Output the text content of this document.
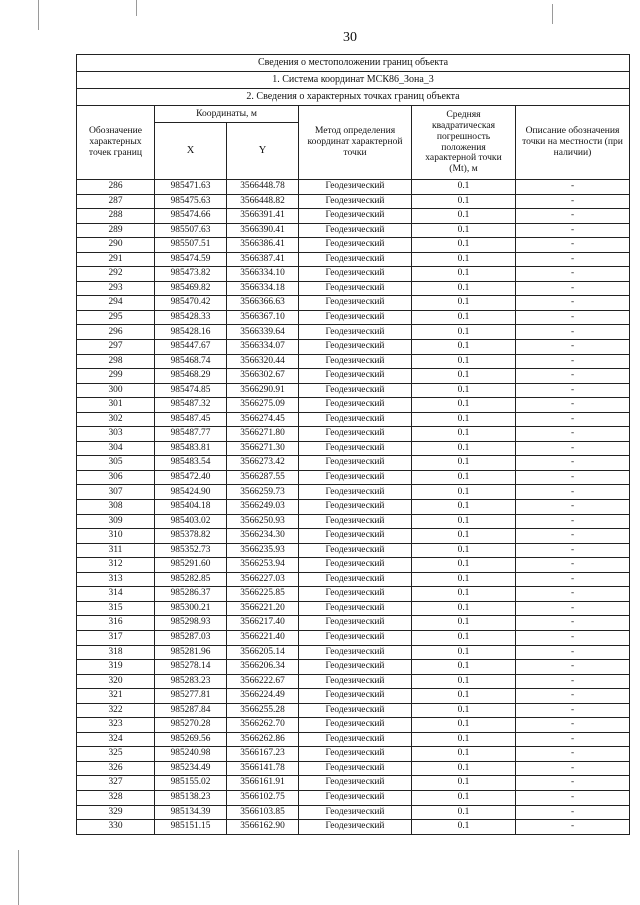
30
Сведения о местоположении границ объекта					
1. Система координат МСК86_Зона_3					
2. Сведения о характерных точках границ объекта					
Обозначение характерных точек границ	Координаты, м		Метод определения координат характерной точки	Средняя квадратическая погрешность положения характерной точки (Mt), м	Описание обозначения точки на местности (при наличии)
	X	Y			
286	985471.63	3566448.78	Геодезический	0.1	-
287	985475.63	3566448.82	Геодезический	0.1	-
288	985474.66	3566391.41	Геодезический	0.1	-
289	985507.63	3566390.41	Геодезический	0.1	-
290	985507.51	3566386.41	Геодезический	0.1	-
291	985474.59	3566387.41	Геодезический	0.1	-
292	985473.82	3566334.10	Геодезический	0.1	-
293	985469.82	3566334.18	Геодезический	0.1	-
294	985470.42	3566366.63	Геодезический	0.1	-
295	985428.33	3566367.10	Геодезический	0.1	-
296	985428.16	3566339.64	Геодезический	0.1	-
297	985447.67	3566334.07	Геодезический	0.1	-
298	985468.74	3566320.44	Геодезический	0.1	-
299	985468.29	3566302.67	Геодезический	0.1	-
300	985474.85	3566290.91	Геодезический	0.1	-
301	985487.32	3566275.09	Геодезический	0.1	-
302	985487.45	3566274.45	Геодезический	0.1	-
303	985487.77	3566271.80	Геодезический	0.1	-
304	985483.81	3566271.30	Геодезический	0.1	-
305	985483.54	3566273.42	Геодезический	0.1	-
306	985472.40	3566287.55	Геодезический	0.1	-
307	985424.90	3566259.73	Геодезический	0.1	-
308	985404.18	3566249.03	Геодезический	0.1	-
309	985403.02	3566250.93	Геодезический	0.1	-
310	985378.82	3566234.30	Геодезический	0.1	-
311	985352.73	3566235.93	Геодезический	0.1	-
312	985291.60	3566253.94	Геодезический	0.1	-
313	985282.85	3566227.03	Геодезический	0.1	-
314	985286.37	3566225.85	Геодезический	0.1	-
315	985300.21	3566221.20	Геодезический	0.1	-
316	985298.93	3566217.40	Геодезический	0.1	-
317	985287.03	3566221.40	Геодезический	0.1	-
318	985281.96	3566205.14	Геодезический	0.1	-
319	985278.14	3566206.34	Геодезический	0.1	-
320	985283.23	3566222.67	Геодезический	0.1	-
321	985277.81	3566224.49	Геодезический	0.1	-
322	985287.84	3566255.28	Геодезический	0.1	-
323	985270.28	3566262.70	Геодезический	0.1	-
324	985269.56	3566262.86	Геодезический	0.1	-
325	985240.98	3566167.23	Геодезический	0.1	-
326	985234.49	3566141.78	Геодезический	0.1	-
327	985155.02	3566161.91	Геодезический	0.1	-
328	985138.23	3566102.75	Геодезический	0.1	-
329	985134.39	3566103.85	Геодезический	0.1	-
330	985151.15	3566162.90	Геодезический	0.1	-
